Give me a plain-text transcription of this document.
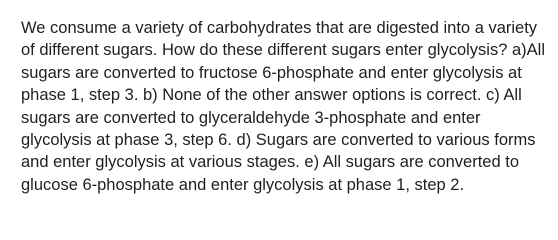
We consume a variety of carbohydrates that are digested into a variety of different sugars. How do these different sugars enter glycolysis? a)All sugars are converted to fructose 6-phosphate and enter glycolysis at phase 1, step 3. b) None of the other answer options is correct. c) All sugars are converted to glyceraldehyde 3-phosphate and enter glycolysis at phase 3, step 6. d) Sugars are converted to various forms and enter glycolysis at various stages. e) All sugars are converted to glucose 6-phosphate and enter glycolysis at phase 1, step 2.
